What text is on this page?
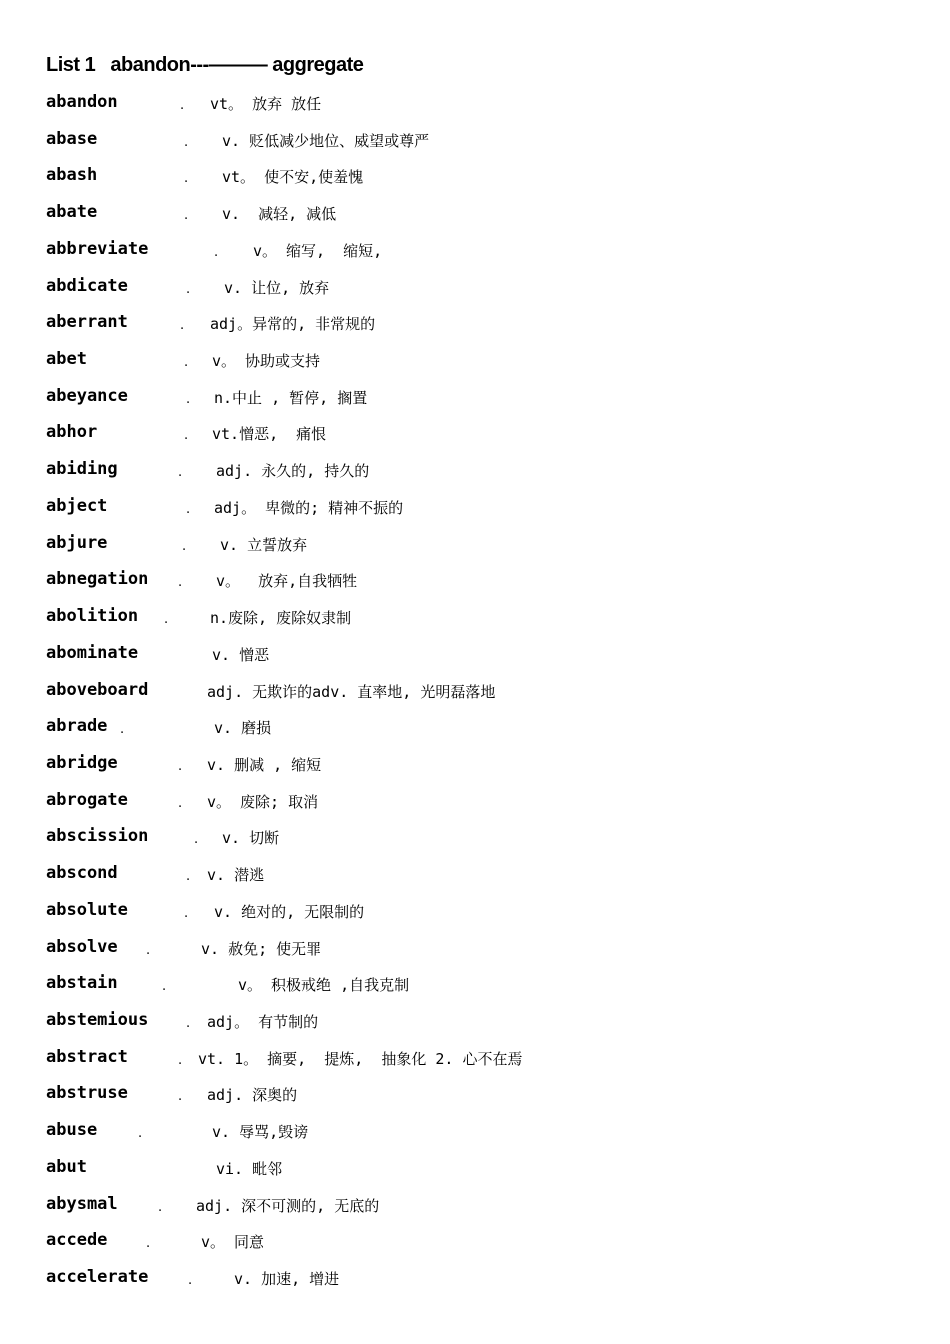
List 1   abandon---——— aggregate
abandon	. vt。 放弃 放任
abase	. v. 贬低减少地位、威望或尊严
abash	. vt。 使不安,使羞愧
abate	. v.  减轻, 减低
abbreviate	. v。 缩写,  缩短,
abdicate	. v. 让位, 放弃
aberrant	. adj。异常的, 非常规的
abet	. v。 协助或支持
abeyance	. n.中止 , 暂停, 搁置
abhor	. vt.憎恶,  痛恨
abiding	. adj. 永久的, 持久的
abject	. adj。 卑微的; 精神不振的
abjure	. v. 立誓放弃
abnegation . v。  放弃,自我牺牲
abolition .	n.废除, 废除奴隶制
abominate	v. 憎恶
aboveboard	adj. 无欺诈的adv. 直率地, 光明磊落地
abrade .	v. 磨损
abridge	. v. 删减 , 缩短
abrogate	. v。 废除; 取消
abscission	. v. 切断
abscond	. v. 潜逃
absolute	. v. 绝对的, 无限制的
absolve .	v. 赦免; 使无罪
abstain	.	v。 积极戒绝 ,自我克制
abstemious	. adj。 有节制的
abstract	. vt. 1。 摘要,  提炼,  抽象化 2. 心不在焉
abstruse	. adj. 深奥的
abuse	.	v. 辱骂,毁谤
abut	vi. 毗邻
abysmal	. adj. 深不可测的, 无底的
accede	.	v。 同意
accelerate	.	v. 加速, 增进
